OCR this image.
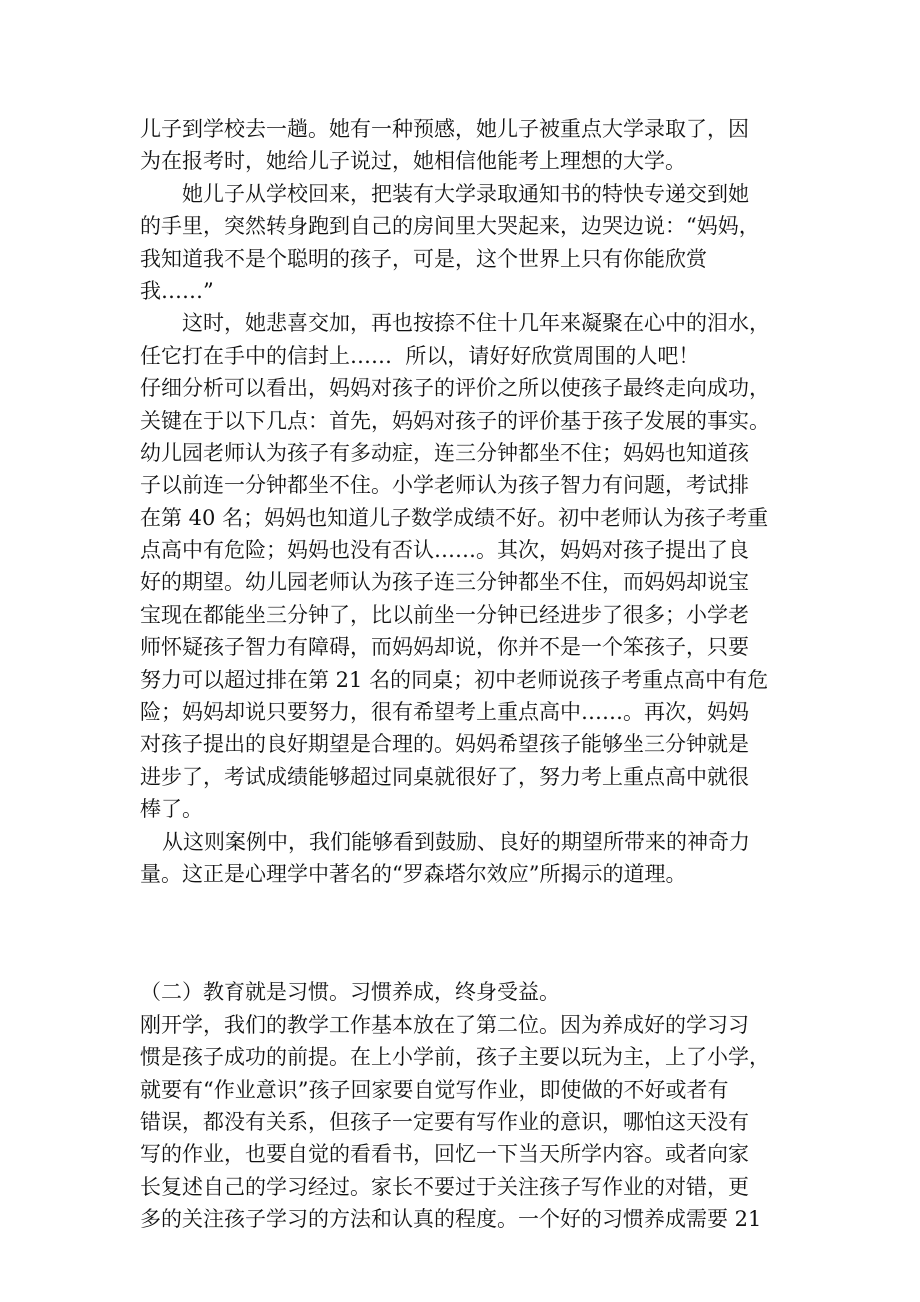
儿子到学校去一趟。她有一种预感，她儿子被重点大学录取了，因
为在报考时，她给儿子说过，她相信他能考上理想的大学。
她儿子从学校回来，把装有大学录取通知书的特快专递交到她
的手里，突然转身跑到自己的房间里大哭起来，边哭边说：“妈妈，
我知道我不是个聪明的孩子，可是，这个世界上只有你能欣赏
我……”
这时，她悲喜交加，再也按捺不住十几年来凝聚在心中的泪水，
任它打在手中的信封上……  所以，请好好欣赏周围的人吧！
仔细分析可以看出，妈妈对孩子的评价之所以使孩子最终走向成功，
关键在于以下几点：首先，妈妈对孩子的评价基于孩子发展的事实。
幼儿园老师认为孩子有多动症，连三分钟都坐不住；妈妈也知道孩
子以前连一分钟都坐不住。小学老师认为孩子智力有问题，考试排
在第 40 名；妈妈也知道儿子数学成绩不好。初中老师认为孩子考重
点高中有危险；妈妈也没有否认……。其次，妈妈对孩子提出了良
好的期望。幼儿园老师认为孩子连三分钟都坐不住，而妈妈却说宝
宝现在都能坐三分钟了，比以前坐一分钟已经进步了很多；小学老
师怀疑孩子智力有障碍，而妈妈却说，你并不是一个笨孩子，只要
努力可以超过排在第 21 名的同桌；初中老师说孩子考重点高中有危
险；妈妈却说只要努力，很有希望考上重点高中……。再次，妈妈
对孩子提出的良好期望是合理的。妈妈希望孩子能够坐三分钟就是
进步了，考试成绩能够超过同桌就很好了，努力考上重点高中就很
棒了。
从这则案例中，我们能够看到鼓励、良好的期望所带来的神奇力
量。这正是心理学中著名的“罗森塔尔效应”所揭示的道理。
（二）教育就是习惯。习惯养成，终身受益。
刚开学，我们的教学工作基本放在了第二位。因为养成好的学习习
惯是孩子成功的前提。在上小学前，孩子主要以玩为主，上了小学，
就要有“作业意识”孩子回家要自觉写作业，即使做的不好或者有
错误，都没有关系，但孩子一定要有写作业的意识，哪怕这天没有
写的作业，也要自觉的看看书，回忆一下当天所学内容。或者向家
长复述自己的学习经过。家长不要过于关注孩子写作业的对错，更
多的关注孩子学习的方法和认真的程度。一个好的习惯养成需要 21
